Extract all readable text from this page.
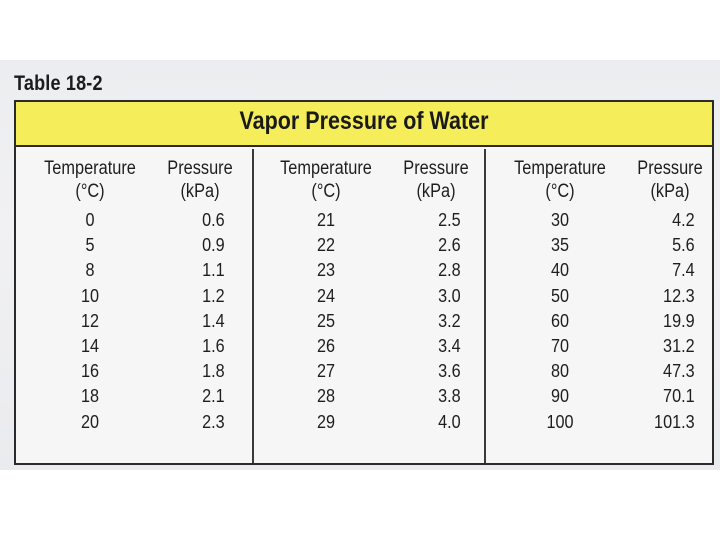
Table 18-2
Vapor Pressure of Water
Temperature
(°C)
Pressure
(kPa)
0	0.6
5	0.9
8	1.1
10	1.2
12	1.4
14	1.6
16	1.8
18	2.1
20	2.3
Temperature
(°C)
Pressure
(kPa)
21	2.5
22	2.6
23	2.8
24	3.0
25	3.2
26	3.4
27	3.6
28	3.8
29	4.0
Temperature
(°C)
Pressure
(kPa)
30	4.2
35	5.6
40	7.4
50	12.3
60	19.9
70	31.2
80	47.3
90	70.1
100	101.3
